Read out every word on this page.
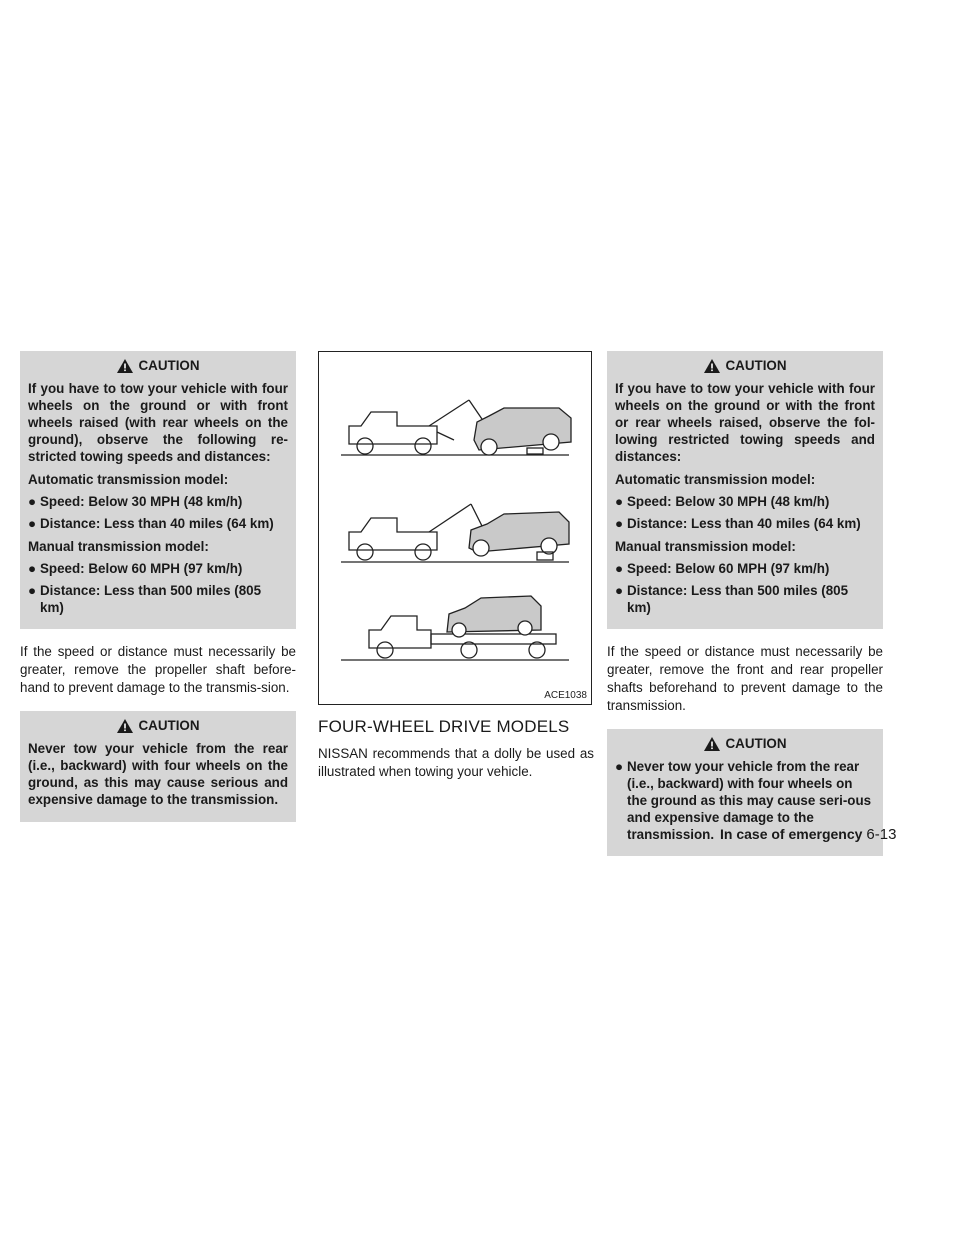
CAUTION

If you have to tow your vehicle with four wheels on the ground or with front wheels raised (with rear wheels on the ground), observe the following re-stricted towing speeds and distances:

Automatic transmission model:
● Speed: Below 30 MPH (48 km/h)
● Distance: Less than 40 miles (64 km)
Manual transmission model:
● Speed: Below 60 MPH (97 km/h)
● Distance: Less than 500 miles (805 km)

If the speed or distance must necessarily be greater, remove the propeller shaft before-hand to prevent damage to the transmis-sion.

CAUTION

Never tow your vehicle from the rear (i.e., backward) with four wheels on the ground, as this may cause serious and expensive damage to the transmission.

ACE1038
FOUR-WHEEL DRIVE MODELS

NISSAN recommends that a dolly be used as illustrated when towing your vehicle.

CAUTION

If you have to tow your vehicle with four wheels on the ground or with the front or rear wheels raised, observe the fol-lowing restricted towing speeds and distances:

Automatic transmission model:
● Speed: Below 30 MPH (48 km/h)
● Distance: Less than 40 miles (64 km)
Manual transmission model:
● Speed: Below 60 MPH (97 km/h)
● Distance: Less than 500 miles (805 km)

If the speed or distance must necessarily be greater, remove the front and rear propeller shafts beforehand to prevent damage to the transmission.

CAUTION
● Never tow your vehicle from the rear (i.e., backward) with four wheels on the ground as this may cause seri-ous and expensive damage to the transmission. In case of emergency 6-13
